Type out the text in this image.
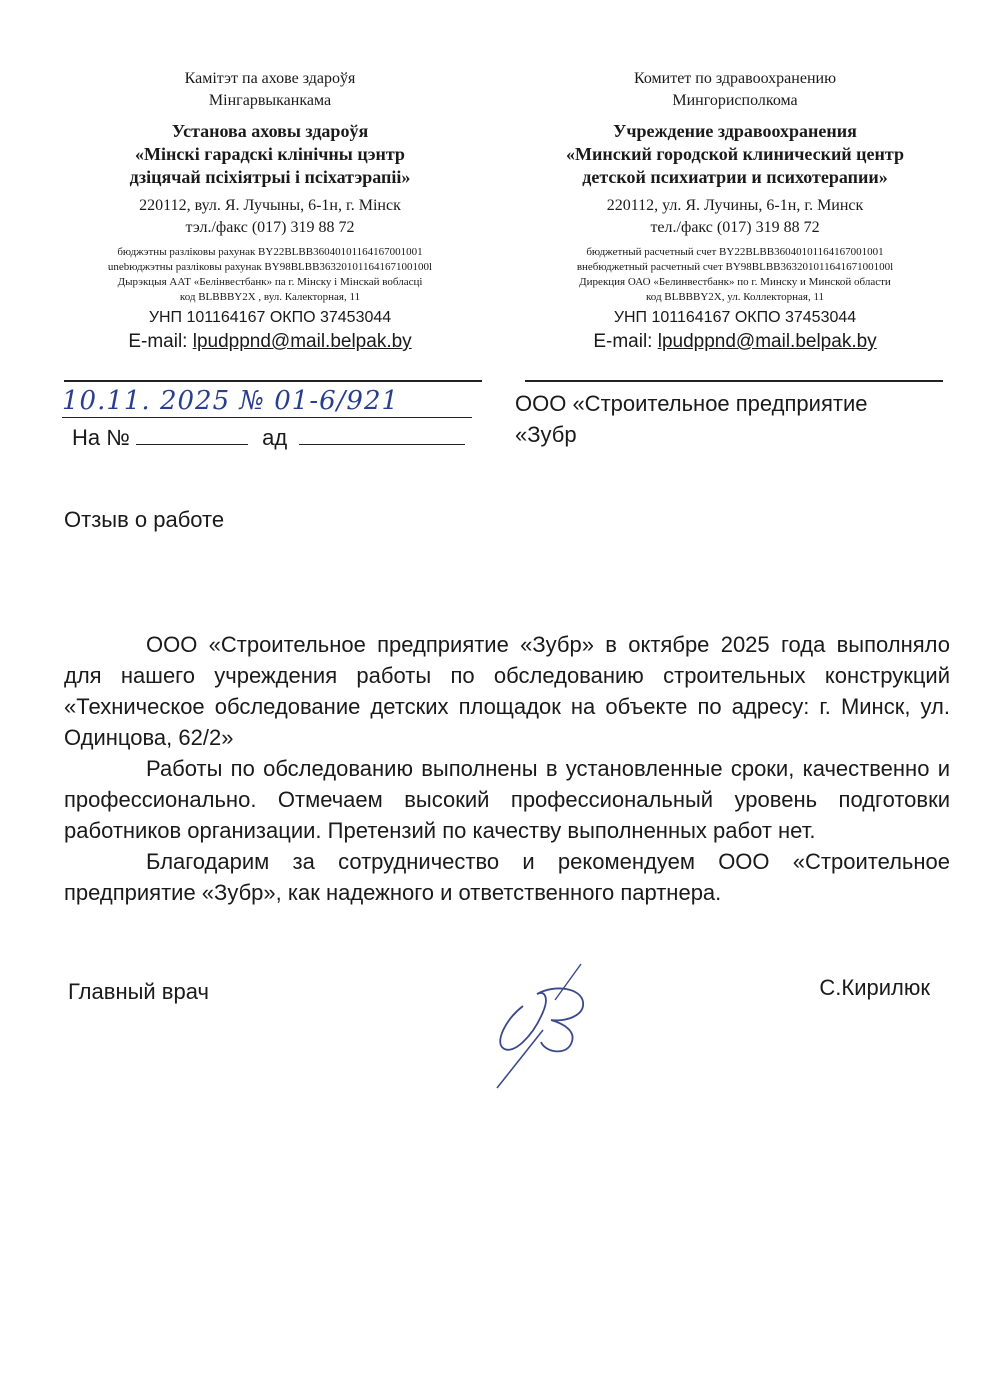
Камітэт па ахове здароўя
Мінгарвыканкама
Установа аховы здароўя
«Мінскі гарадскі клінічны цэнтр
дзіцячай псіхіятрыі і псіхатэрапіі»
220112, вул. Я. Лучыны, 6-1н, г. Мінск
тэл./факс (017) 319 88 72
бюджэтны разліковы рахунак BY22BLBB36040101164167001001
unebюджэтны разліковы рахунак BY98BLBB36320101164167100100l
Дырэкцыя ААТ «Белінвестбанк» па г. Мінску і Мінскай вобласці
код BLBBBY2X , вул. Калекторная, 11
УНП 101164167 ОКПО 37453044
E-mail: lpudppnd@mail.belpak.by
Комитет по здравоохранению
Мингорисполкома
Учреждение здравоохранения
«Минский городской клинический центр
детской психиатрии и психотерапии»
220112, ул. Я. Лучины, 6-1н, г. Минск
тел./факс (017) 319 88 72
бюджетный расчетный счет BY22BLBB36040101164167001001
внебюджетный расчетный счет BY98BLBB36320101164167100100l
Дирекция ОАО «Белинвестбанк» по г. Минску и Минской области
код BLBBBY2X, ул. Коллекторная, 11
УНП 101164167 ОКПО 37453044
E-mail: lpudppnd@mail.belpak.by
10.11. 2025 № 01-6/921
На №	ад
ООО «Строительное предприятие
«Зубр
Отзыв о работе

ООО «Строительное предприятие «Зубр» в октябре 2025 года выполняло для нашего учреждения работы по обследованию строительных конструкций «Техническое обследование детских площадок на объекте по адресу: г. Минск, ул. Одинцова, 62/2»

Работы по обследованию выполнены в установленные сроки, качественно и профессионально. Отмечаем высокий профессиональный уровень подготовки работников организации. Претензий по качеству выполненных работ нет.

Благодарим за сотрудничество и рекомендуем ООО «Строительное предприятие «Зубр», как надежного и ответственного партнера.

Главный врач	С.Кирилюк
